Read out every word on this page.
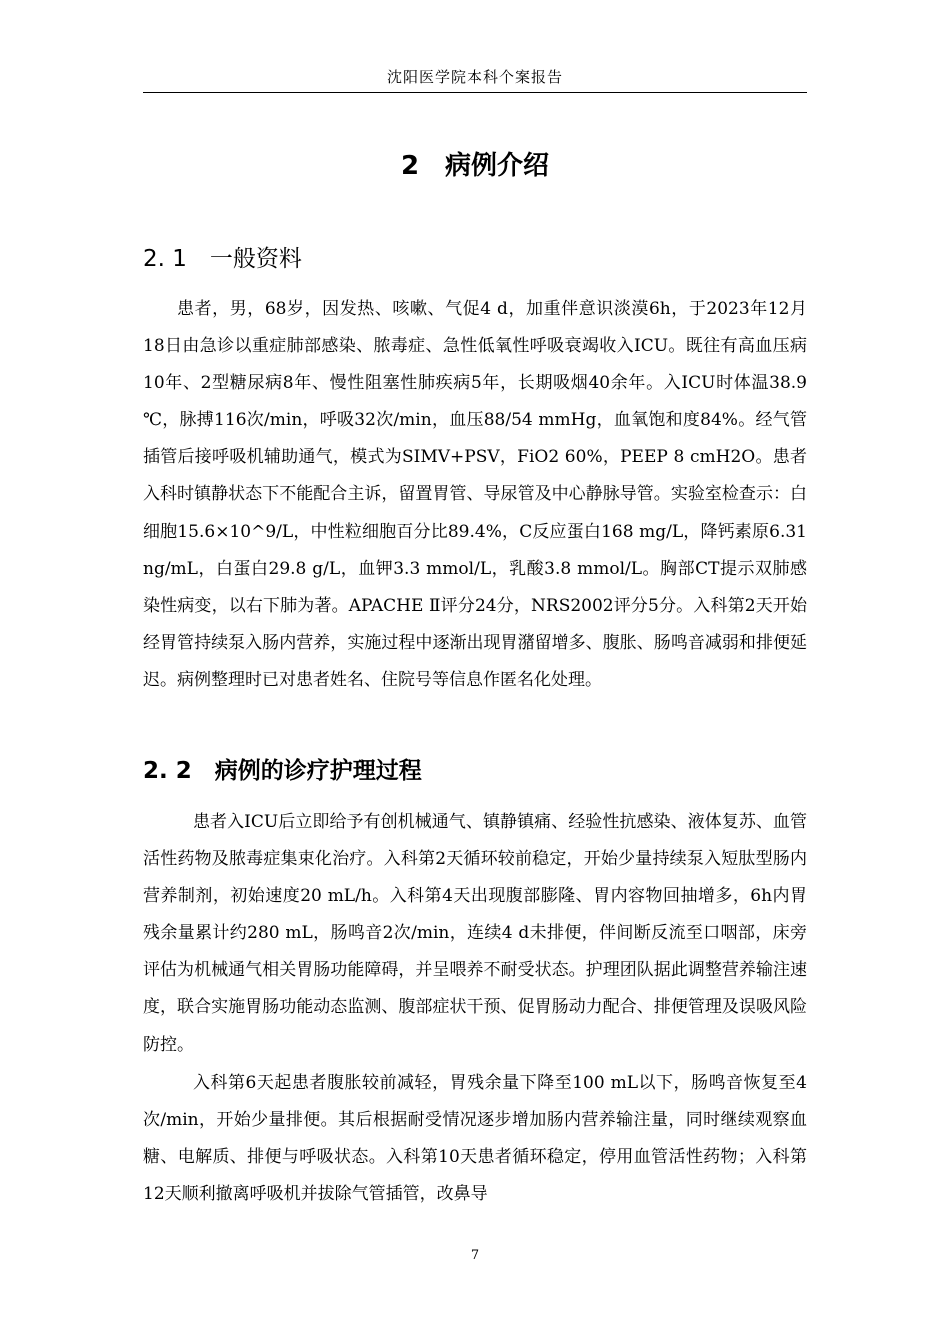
沈阳医学院本科个案报告
2　病例介绍
2. 1　一般资料

患者，男，68岁，因发热、咳嗽、气促4 d，加重伴意识淡漠6h，于2023年12月18日由急诊以重症肺部感染、脓毒症、急性低氧性呼吸衰竭收入ICU。既往有高血压病10年、2型糖尿病8年、慢性阻塞性肺疾病5年，长期吸烟40余年。入ICU时体温38.9 ℃，脉搏116次/min，呼吸32次/min，血压88/54 mmHg，血氧饱和度84%。经气管插管后接呼吸机辅助通气，模式为SIMV+PSV，FiO2 60%，PEEP 8 cmH2O。患者入科时镇静状态下不能配合主诉，留置胃管、导尿管及中心静脉导管。实验室检查示：白细胞15.6×10^9/L，中性粒细胞百分比89.4%，C反应蛋白168 mg/L，降钙素原6.31 ng/mL，白蛋白29.8 g/L，血钾3.3 mmol/L，乳酸3.8 mmol/L。胸部CT提示双肺感染性病变，以右下肺为著。APACHE Ⅱ评分24分，NRS2002评分5分。入科第2天开始经胃管持续泵入肠内营养，实施过程中逐渐出现胃潴留增多、腹胀、肠鸣音减弱和排便延迟。病例整理时已对患者姓名、住院号等信息作匿名化处理。

2. 2　病例的诊疗护理过程

患者入ICU后立即给予有创机械通气、镇静镇痛、经验性抗感染、液体复苏、血管活性药物及脓毒症集束化治疗。入科第2天循环较前稳定，开始少量持续泵入短肽型肠内营养制剂，初始速度20 mL/h。入科第4天出现腹部膨隆、胃内容物回抽增多，6h内胃残余量累计约280 mL，肠鸣音2次/min，连续4 d未排便，伴间断反流至口咽部，床旁评估为机械通气相关胃肠功能障碍，并呈喂养不耐受状态。护理团队据此调整营养输注速度，联合实施胃肠功能动态监测、腹部症状干预、促胃肠动力配合、排便管理及误吸风险防控。

入科第6天起患者腹胀较前减轻，胃残余量下降至100 mL以下，肠鸣音恢复至4次/min，开始少量排便。其后根据耐受情况逐步增加肠内营养输注量，同时继续观察血糖、电解质、排便与呼吸状态。入科第10天患者循环稳定，停用血管活性药物；入科第12天顺利撤离呼吸机并拔除气管插管，改鼻导

7
